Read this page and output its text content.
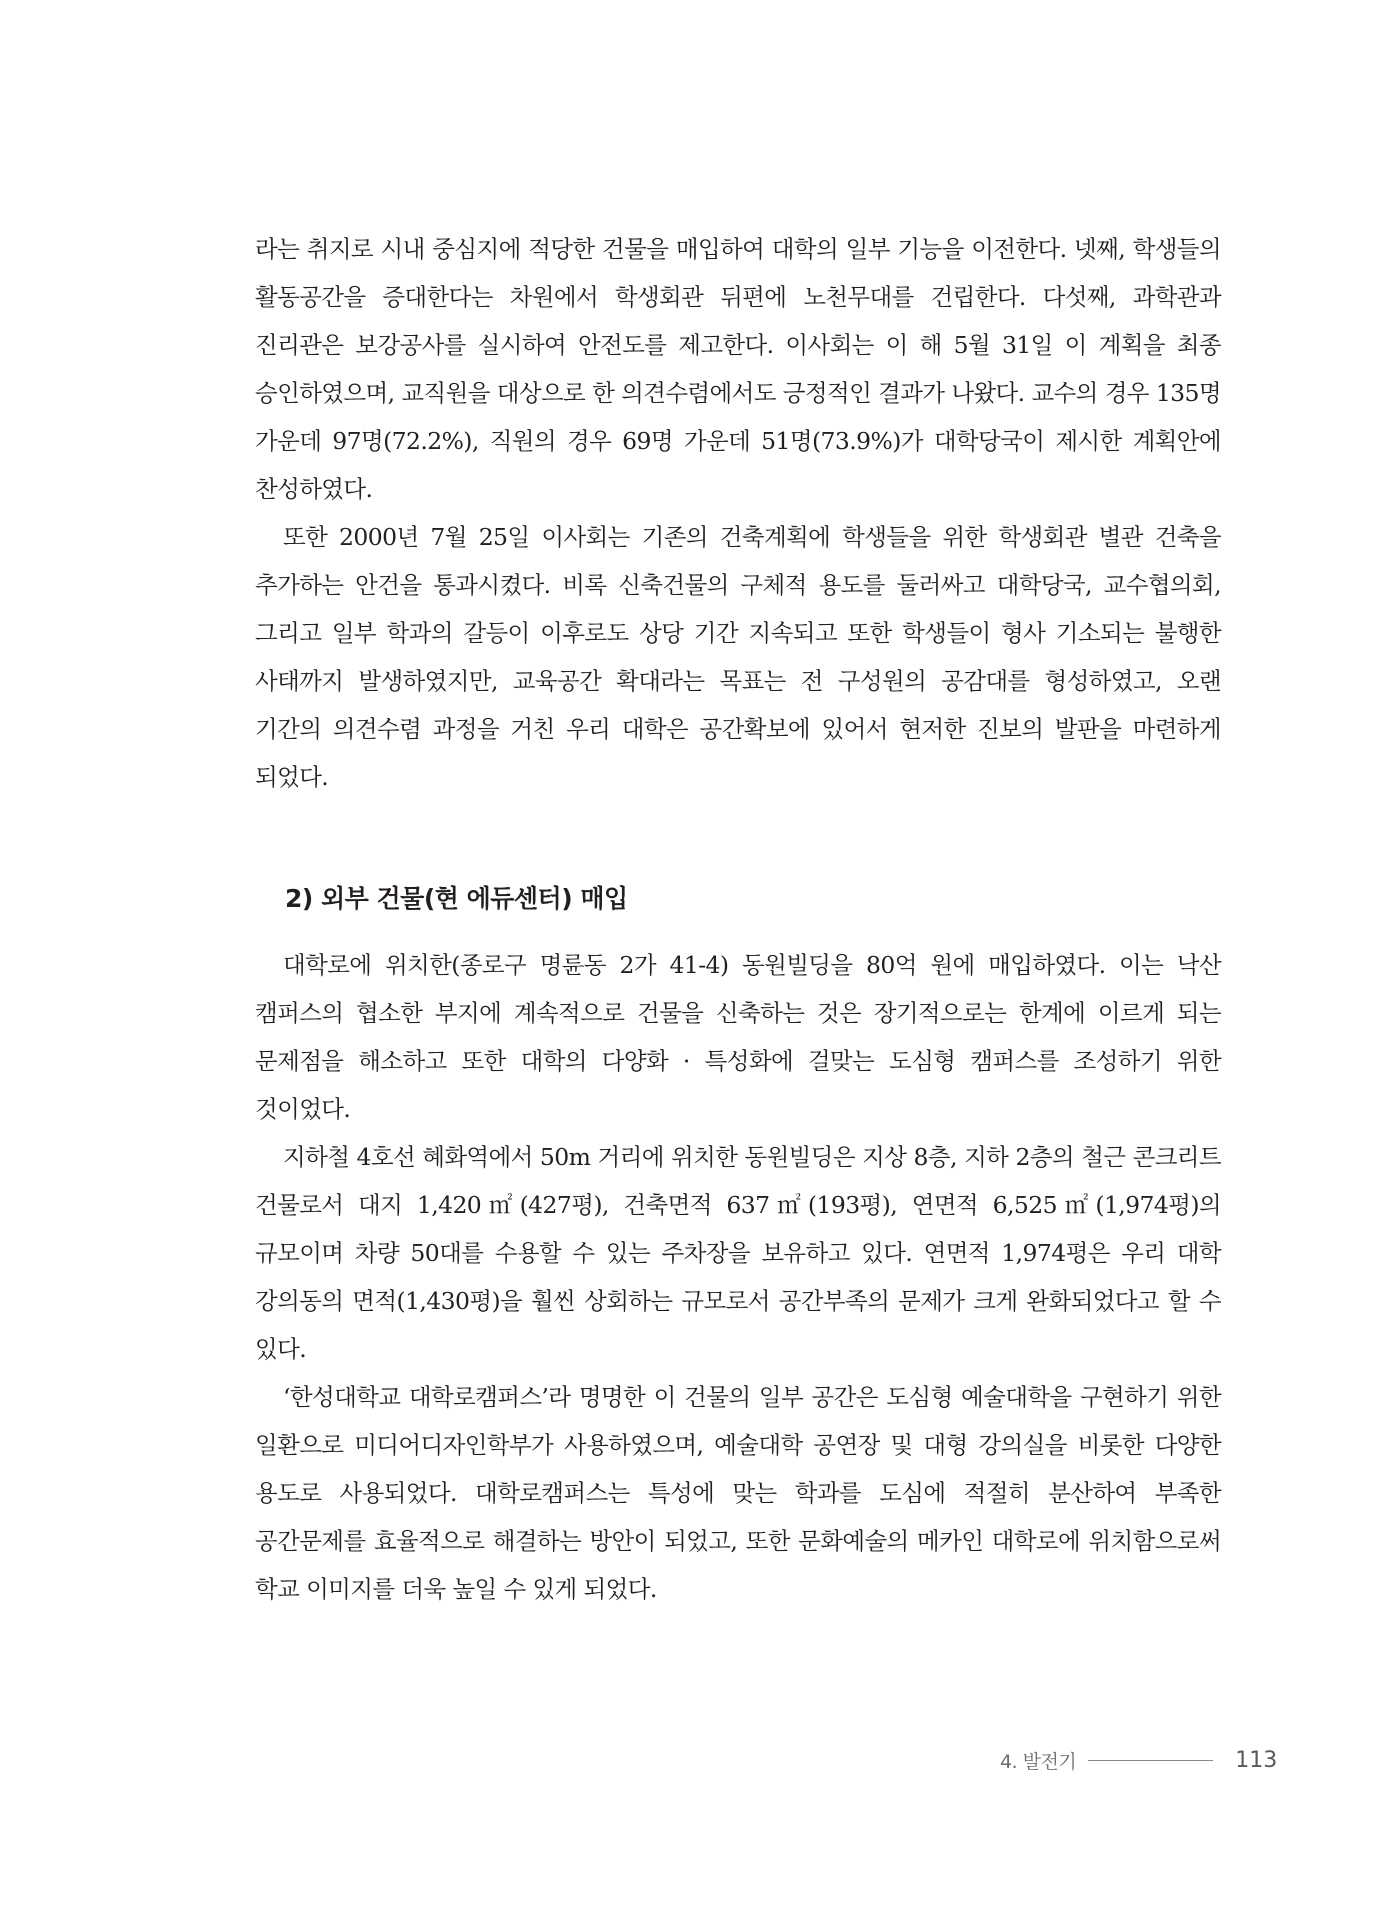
라는 취지로 시내 중심지에 적당한 건물을 매입하여 대학의 일부 기능을 이전한다. 넷째, 학생들의 활동공간을 증대한다는 차원에서 학생회관 뒤편에 노천무대를 건립한다. 다섯째, 과학관과 진리관은 보강공사를 실시하여 안전도를 제고한다. 이사회는 이 해 5월 31일 이 계획을 최종 승인하였으며, 교직원을 대상으로 한 의견수렴에서도 긍정적인 결과가 나왔다. 교수의 경우 135명 가운데 97명(72.2%), 직원의 경우 69명 가운데 51명(73.9%)가 대학당국이 제시한 계획안에 찬성하였다.

또한 2000년 7월 25일 이사회는 기존의 건축계획에 학생들을 위한 학생회관 별관 건축을 추가하는 안건을 통과시켰다. 비록 신축건물의 구체적 용도를 둘러싸고 대학당국, 교수협의회, 그리고 일부 학과의 갈등이 이후로도 상당 기간 지속되고 또한 학생들이 형사 기소되는 불행한 사태까지 발생하였지만, 교육공간 확대라는 목표는 전 구성원의 공감대를 형성하였고, 오랜 기간의 의견수렴 과정을 거친 우리 대학은 공간확보에 있어서 현저한 진보의 발판을 마련하게 되었다.

2) 외부 건물(현 에듀센터) 매입

대학로에 위치한(종로구 명륜동 2가 41-4) 동원빌딩을 80억 원에 매입하였다. 이는 낙산 캠퍼스의 협소한 부지에 계속적으로 건물을 신축하는 것은 장기적으로는 한계에 이르게 되는 문제점을 해소하고 또한 대학의 다양화 · 특성화에 걸맞는 도심형 캠퍼스를 조성하기 위한 것이었다.

지하철 4호선 혜화역에서 50m 거리에 위치한 동원빌딩은 지상 8층, 지하 2층의 철근 콘크리트 건물로서 대지 1,420㎡(427평), 건축면적 637㎡(193평), 연면적 6,525㎡(1,974평)의 규모이며 차량 50대를 수용할 수 있는 주차장을 보유하고 있다. 연면적 1,974평은 우리 대학 강의동의 면적(1,430평)을 훨씬 상회하는 규모로서 공간부족의 문제가 크게 완화되었다고 할 수 있다.

‘한성대학교 대학로캠퍼스’라 명명한 이 건물의 일부 공간은 도심형 예술대학을 구현하기 위한 일환으로 미디어디자인학부가 사용하였으며, 예술대학 공연장 및 대형 강의실을 비롯한 다양한 용도로 사용되었다. 대학로캠퍼스는 특성에 맞는 학과를 도심에 적절히 분산하여 부족한 공간문제를 효율적으로 해결하는 방안이 되었고, 또한 문화예술의 메카인 대학로에 위치함으로써 학교 이미지를 더욱 높일 수 있게 되었다.

4. 발전기	113
